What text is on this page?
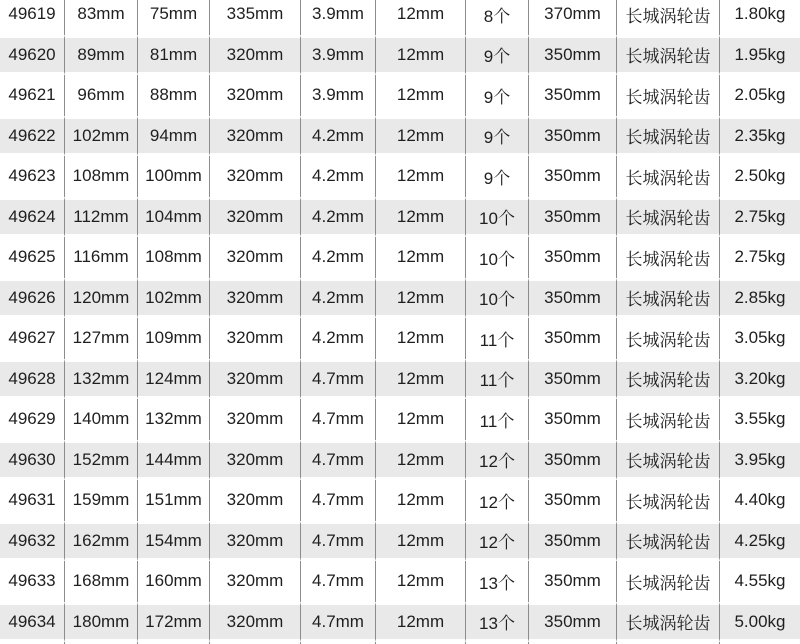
49619	83mm	75mm	335mm	3.9mm	12mm	8个	370mm	长城涡轮齿	1.80kg
49620	89mm	81mm	320mm	3.9mm	12mm	9个	350mm	长城涡轮齿	1.95kg
49621	96mm	88mm	320mm	3.9mm	12mm	9个	350mm	长城涡轮齿	2.05kg
49622	102mm	94mm	320mm	4.2mm	12mm	9个	350mm	长城涡轮齿	2.35kg
49623	108mm	100mm	320mm	4.2mm	12mm	9个	350mm	长城涡轮齿	2.50kg
49624	112mm	104mm	320mm	4.2mm	12mm	10个	350mm	长城涡轮齿	2.75kg
49625	116mm	108mm	320mm	4.2mm	12mm	10个	350mm	长城涡轮齿	2.75kg
49626	120mm	102mm	320mm	4.2mm	12mm	10个	350mm	长城涡轮齿	2.85kg
49627	127mm	109mm	320mm	4.2mm	12mm	11个	350mm	长城涡轮齿	3.05kg
49628	132mm	124mm	320mm	4.7mm	12mm	11个	350mm	长城涡轮齿	3.20kg
49629	140mm	132mm	320mm	4.7mm	12mm	11个	350mm	长城涡轮齿	3.55kg
49630	152mm	144mm	320mm	4.7mm	12mm	12个	350mm	长城涡轮齿	3.95kg
49631	159mm	151mm	320mm	4.7mm	12mm	12个	350mm	长城涡轮齿	4.40kg
49632	162mm	154mm	320mm	4.7mm	12mm	12个	350mm	长城涡轮齿	4.25kg
49633	168mm	160mm	320mm	4.7mm	12mm	13个	350mm	长城涡轮齿	4.55kg
49634	180mm	172mm	320mm	4.7mm	12mm	13个	350mm	长城涡轮齿	5.00kg
